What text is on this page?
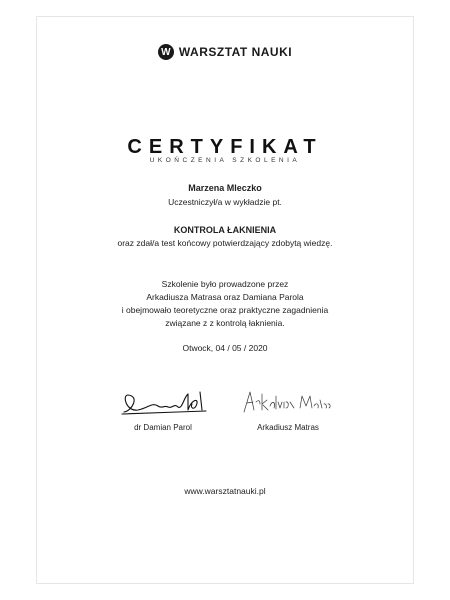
W WARSZTAT NAUKI
CERTYFIKAT
UKOŃCZENIA SZKOLENIA
Marzena Mleczko
Uczestniczył/a w wykładzie pt.
KONTROLA ŁAKNIENIA
oraz zdał/a test końcowy potwierdzający zdobytą wiedzę.
Szkolenie było prowadzone przez
Arkadiusza Matrasa oraz Damiana Parola
i obejmowało teoretyczne oraz praktyczne zagadnienia
związane z z kontrolą łaknienia.
Otwock, 04 / 05 / 2020
dr Damian Parol	Arkadiusz Matras
www.warsztatnauki.pl
